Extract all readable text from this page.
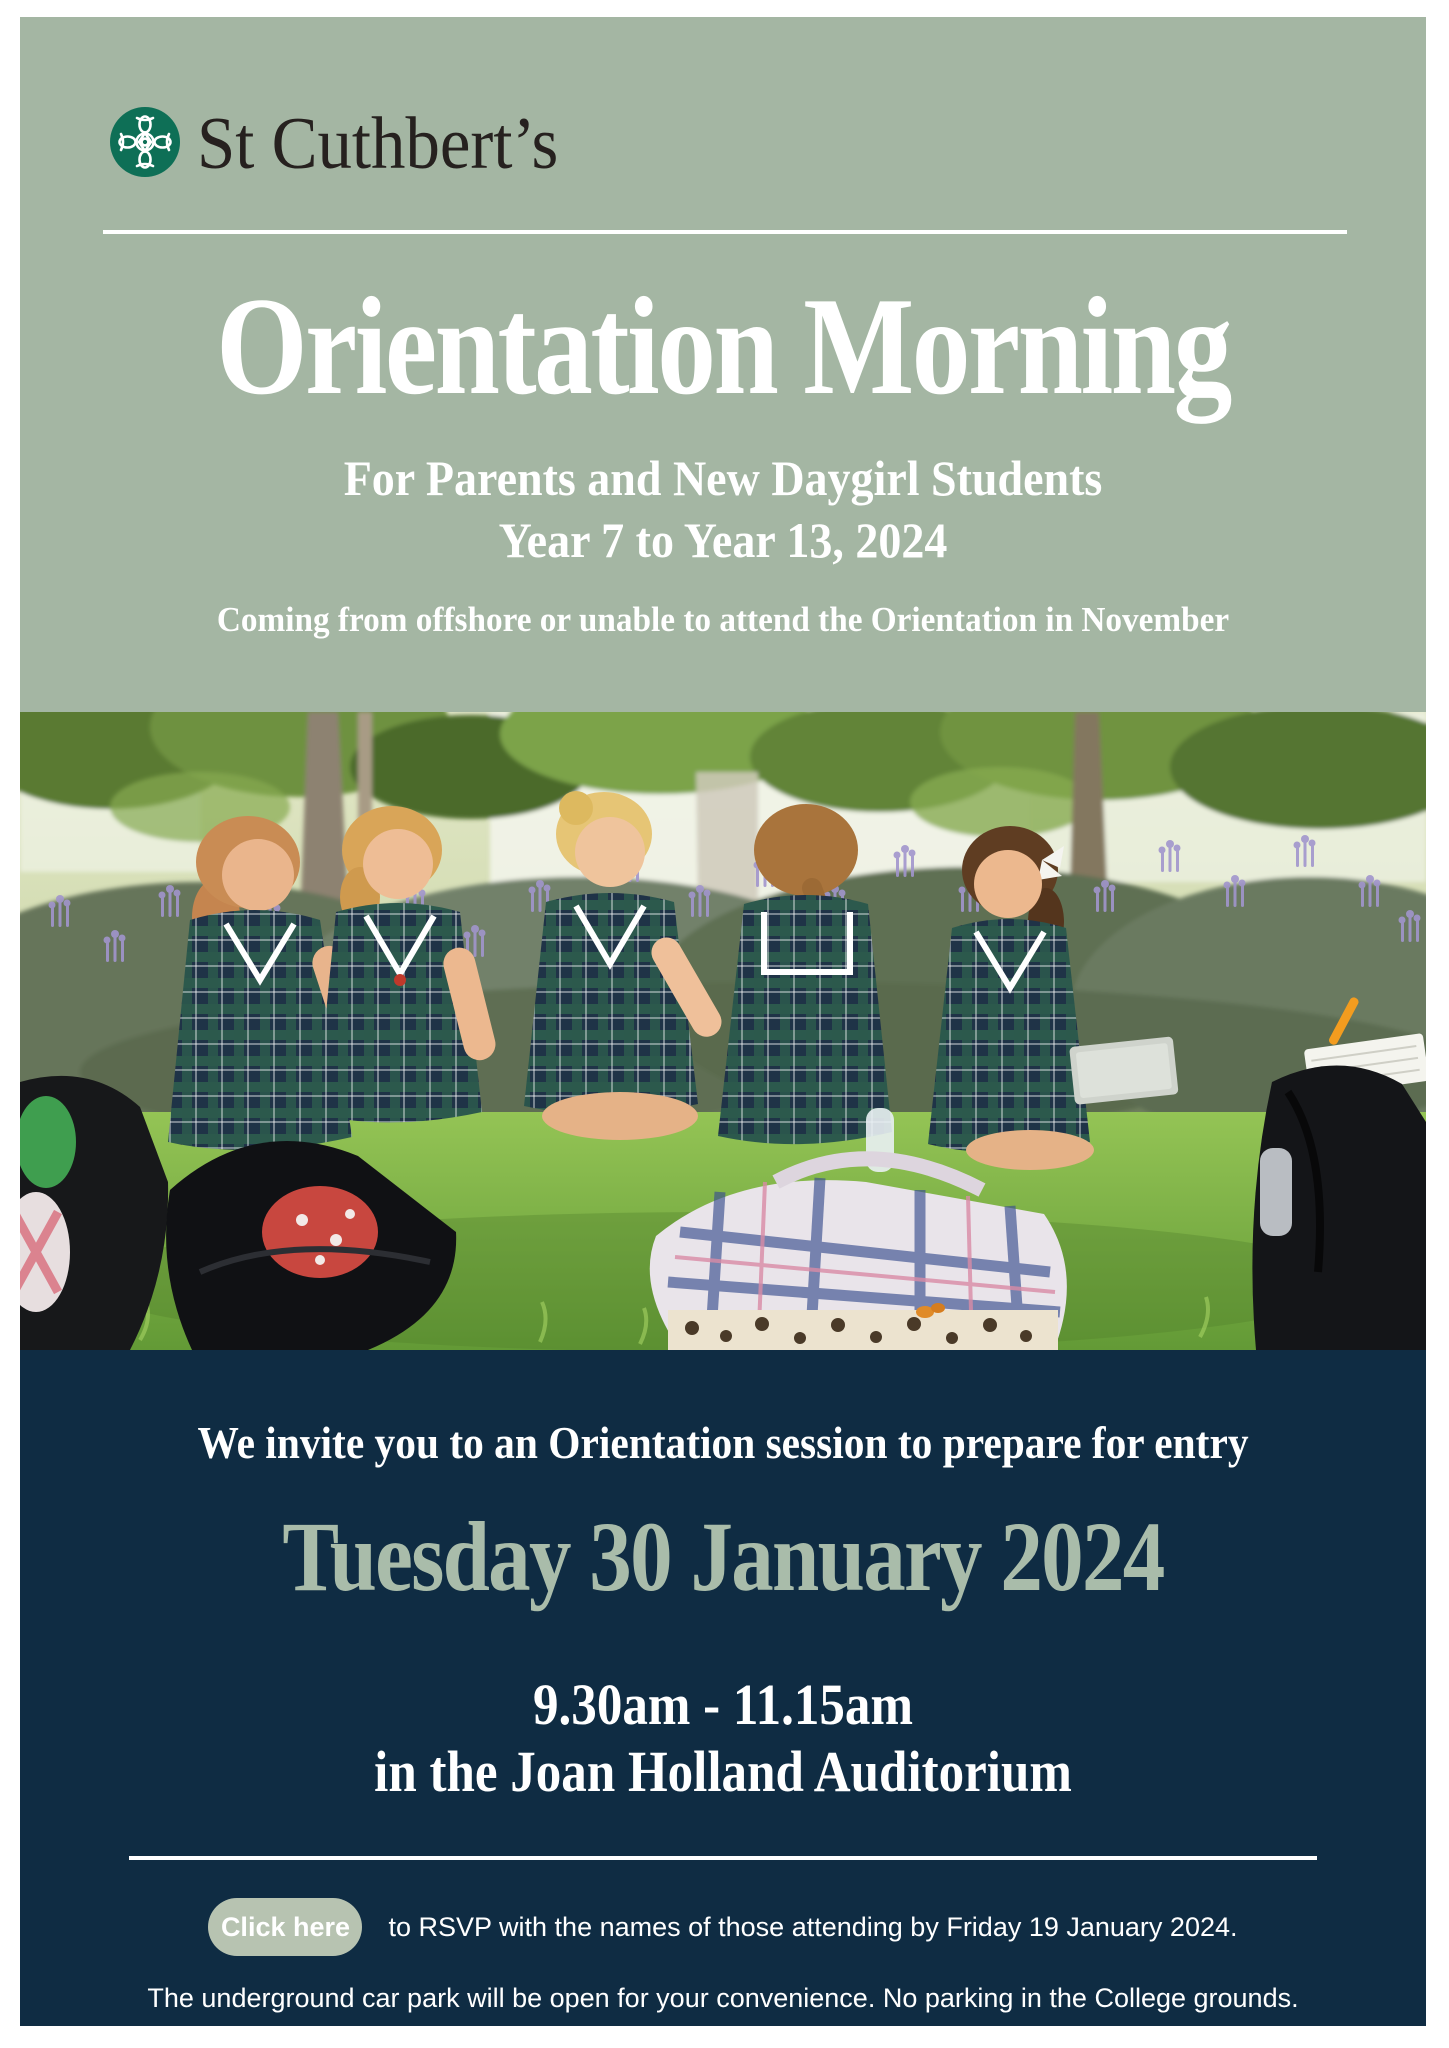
St Cuthbert’s
Orientation Morning
For Parents and New Daygirl Students
Year 7 to Year 13, 2024
Coming from offshore or unable to attend the Orientation in November
We invite you to an Orientation session to prepare for entry
Tuesday 30 January 2024
9.30am - 11.15am
in the Joan Holland Auditorium
Click here	to RSVP with the names of those attending by Friday 19 January 2024.
The underground car park will be open for your convenience. No parking in the College grounds.
